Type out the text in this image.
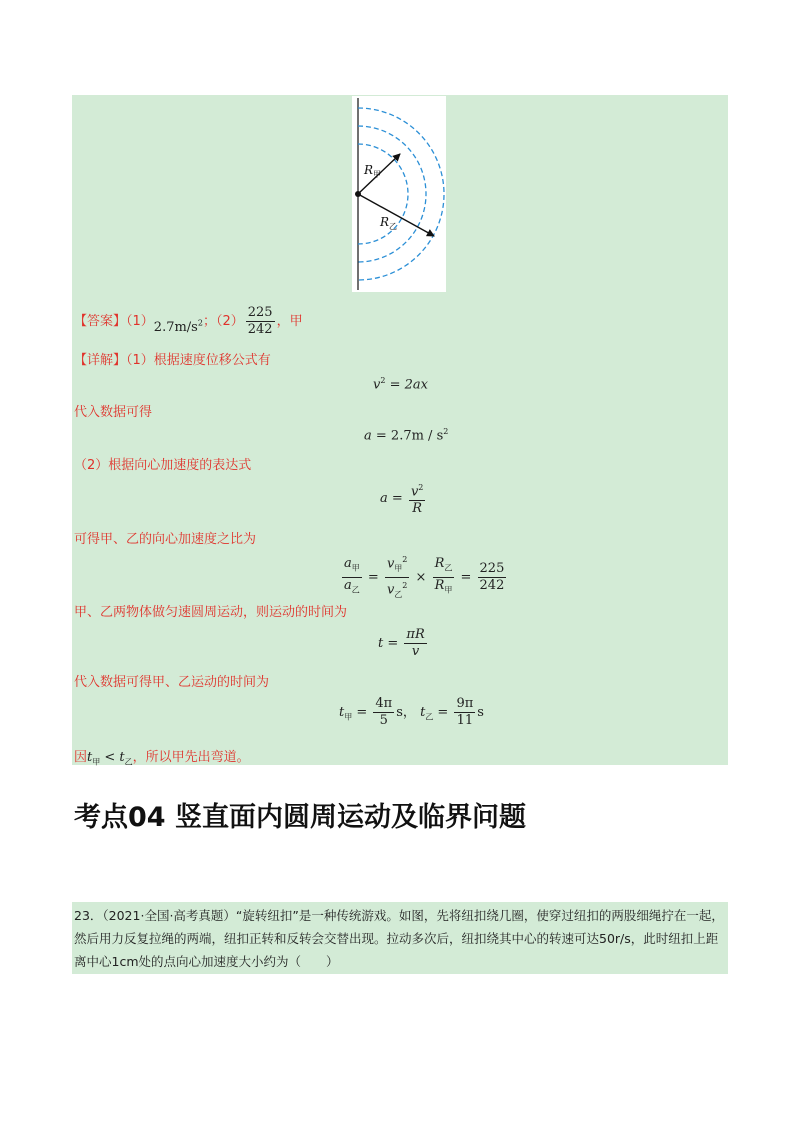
R 甲
R 乙
【答案】$(1)2.7m/s^2$；$(2) \frac{225}{242}$ ，甲
【详解】（1）根据速度位移公式有
$v^2 = 2ax$
代入数据可得
$a = 2.7m / s^2$
（2）根据向心加速度的表达式
$a = \frac{v^2}{R}$
可得甲、乙的向心加速度之比为
$\frac{a_甲}{a_乙} = \frac{v_甲^2}{v_乙^2} \times \frac{R_乙}{R_甲} = \frac{225}{242}$
甲、乙两物体做匀速圆周运动，则运动的时间为
$t = \frac{\pi R}{v}$
代入数据可得甲、乙运动的时间为
$t_甲 = \frac{4\pi}{5}$ s， $t_乙 = \frac{9\pi}{11}$ s
因$t_甲 < t_乙$，所以甲先出弯道。
考点04 竖直面内圆周运动及临界问题
23．（2021·全国·高考真题）“旋转纽扣”是一种传统游戏。如图，先将纽扣绕几圈，使穿过纽扣的两股细绳拧在一起，然后用力反复拉绳的两端，纽扣正转和反转会交替出现。拉动多次后，纽扣绕其中心的转速可达50r/s，此时纽扣上距离中心1cm处的点向心加速度大小约为（　　）
